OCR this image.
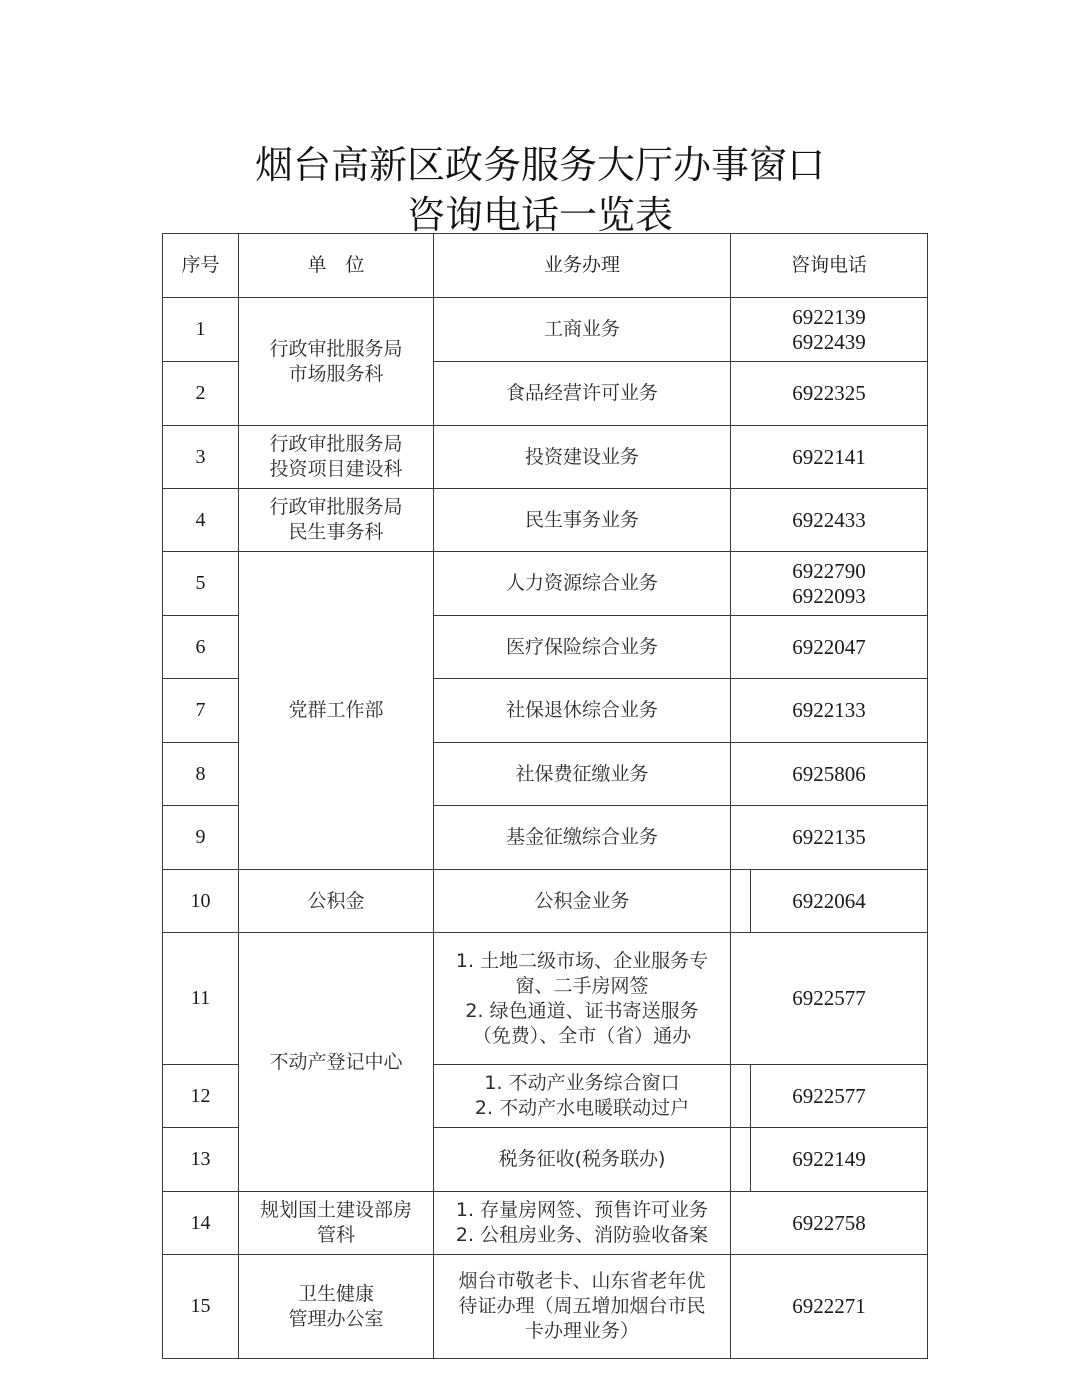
烟台高新区政务服务大厅办事窗口
咨询电话一览表
序号	单　位	业务办理	咨询电话
1	行政审批服务局
市场服务科	工商业务	6922139
6922439

2		食品经营许可业务	6922325

3	行政审批服务局
投资项目建设科	投资建设业务	6922141

4	行政审批服务局
民生事务科	民生事务业务	6922433

5	党群工作部	人力资源综合业务	6922790
6922093

6		医疗保险综合业务	6922047

7		社保退休综合业务	6922133

8		社保费征缴业务	6925806

9		基金征缴综合业务	6922135

10	公积金	公积金业务	6922064

11	不动产登记中心	1. 土地二级市场、企业服务专
窗、二手房网签
2. 绿色通道、证书寄送服务
（免费）、全市（省）通办	6922577

12		1. 不动产业务综合窗口
2. 不动产水电暖联动过户	6922577

13		税务征收(税务联办)	6922149

14	规划国土建设部房
管科	1. 存量房网签、预售许可业务
2. 公租房业务、消防验收备案	6922758

15	卫生健康
管理办公室	烟台市敬老卡、山东省老年优
待证办理（周五增加烟台市民
卡办理业务）	6922271
